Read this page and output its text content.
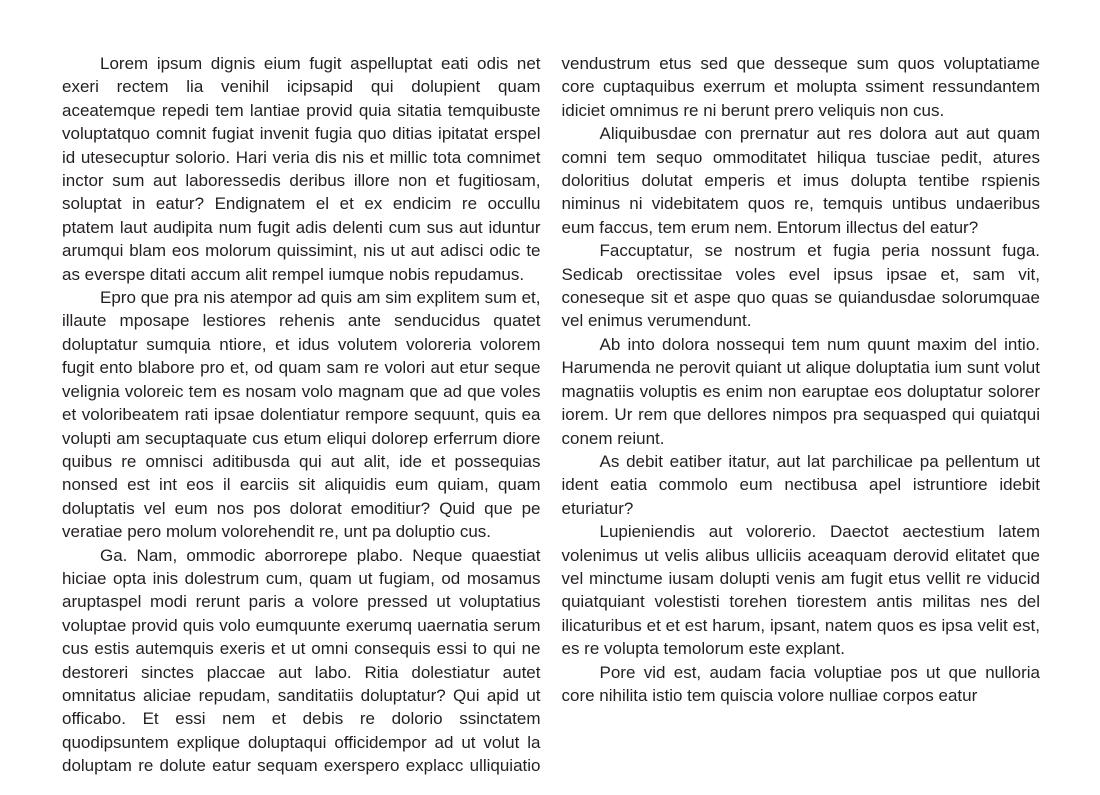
Lorem ipsum dignis eium fugit aspelluptat eati odis net exeri rectem lia venihil icipsapid qui dolupient quam aceatemque repedi tem lantiae provid quia sitatia temquibuste voluptatquo comnit fugiat invenit fugia quo ditias ipitatat erspel id utesecuptur solorio. Hari veria dis nis et millic tota comnimet inctor sum aut laboressedis deribus illore non et fugitiosam, soluptat in eatur? Endignatem el et ex endicim re occullu ptatem laut audipita num fugit adis delenti cum sus aut iduntur arumqui blam eos molorum quissimint, nis ut aut adisci odic te as everspe ditati accum alit rempel iumque nobis repudamus.

Epro que pra nis atempor ad quis am sim explitem sum et, illaute mposape lestiores rehenis ante senducidus quatet doluptatur sumquia ntiore, et idus volutem voloreria volorem fugit ento blabore pro et, od quam sam re volori aut etur seque velignia voloreic tem es nosam volo magnam que ad que voles et voloribeatem rati ipsae dolentiatur rempore sequunt, quis ea volupti am secuptaquate cus etum eliqui dolorep erferrum diore quibus re omnisci aditibusda qui aut alit, ide et possequias nonsed est int eos il earciis sit aliquidis eum quiam, quam doluptatis vel eum nos pos dolorat emoditiur? Quid que pe veratiae pero molum volorehendit re, unt pa doluptio cus.

Ga. Nam, ommodic aborrorepe plabo. Neque quaestiat hiciae opta inis dolestrum cum, quam ut fugiam, od mosamus aruptaspel modi rerunt paris a volore pressed ut voluptatius voluptae provid quis volo eumquunte exerumq uaernatia serum cus estis autemquis exeris et ut omni consequis essi to qui ne destoreri sinctes placcae aut labo. Ritia dolestiatur autet omnitatus aliciae repudam, sanditatiis doluptatur? Qui apid ut officabo. Et essi nem et debis re dolorio ssinctatem quodipsuntem explique doluptaqui officidempor ad ut volut la doluptam re dolute eatur sequam exerspero explacc ulliquiatio vendustrum etus sed que desseque sum quos voluptatiame core cuptaquibus exerrum et molupta ssiment ressundantem idiciet omnimus re ni berunt prero veliquis non cus.

Aliquibusdae con prernatur aut res dolora aut aut quam comni tem sequo ommoditatet hiliqua tusciae pedit, atures doloritius dolutat emperis et imus dolupta tentibe rspienis niminus ni videbitatem quos re, temquis untibus undaeribus eum faccus, tem erum nem. Entorum illectus del eatur?

Faccuptatur, se nostrum et fugia peria nossunt fuga. Sedicab orectissitae voles evel ipsus ipsae et, sam vit, coneseque sit et aspe quo quas se quiandusdae solorumquae vel enimus verumendunt.

Ab into dolora nossequi tem num quunt maxim del intio. Harumenda ne perovit quiant ut alique doluptatia ium sunt volut magnatiis voluptis es enim non earuptae eos doluptatur solorer iorem. Ur rem que dellores nimpos pra sequasped qui quiatqui conem reiunt.

As debit eatiber itatur, aut lat parchilicae pa pellentum ut ident eatia commolo eum nectibusa apel istruntiore idebit eturiatur?

Lupieniendis aut volorerio. Daectot aectestium latem volenimus ut velis alibus ulliciis aceaquam derovid elitatet que vel minctume iusam dolupti venis am fugit etus vellit re viducid quiatquiant volestisti torehen tiorestem antis militas nes del ilicaturibus et et est harum, ipsant, natem quos es ipsa velit est, es re volupta temolorum este explant.

Pore vid est, audam facia voluptiae pos ut que nulloria core nihilita istio tem quiscia volore nulliae corpos eatur
